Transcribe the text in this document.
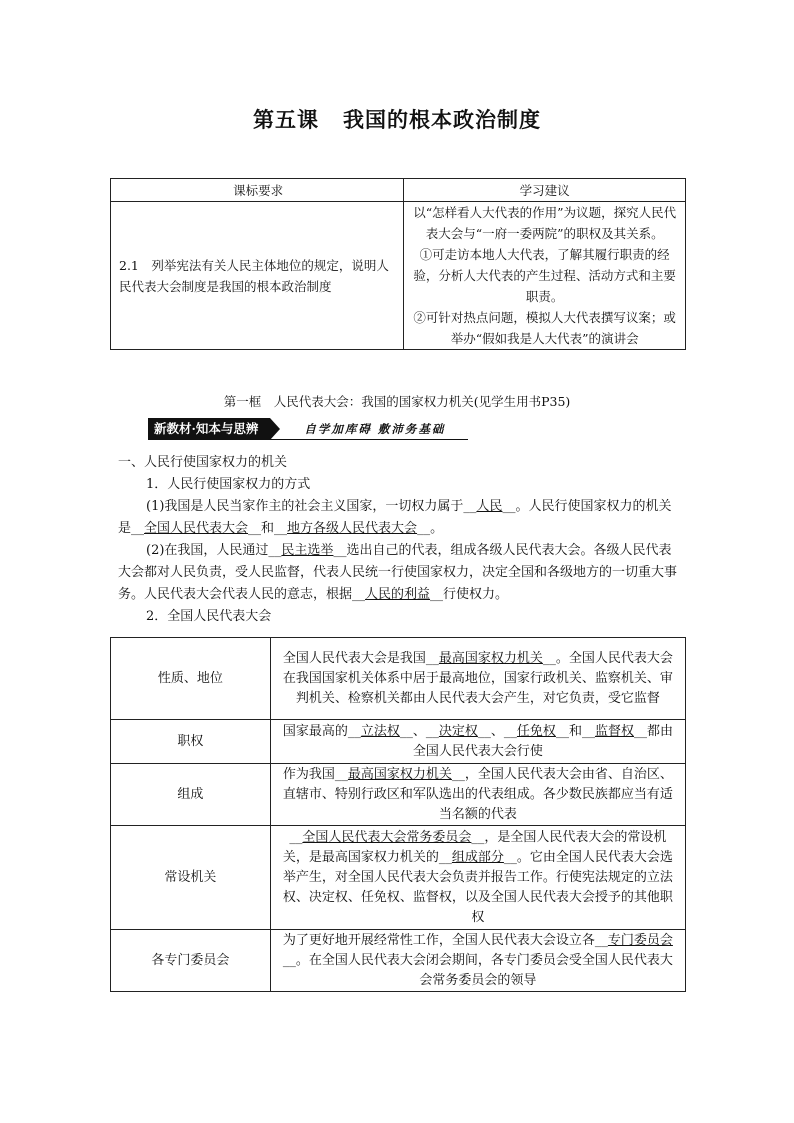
第五课 我国的根本政治制度
课标要求	学习建议
2.1　列举宪法有关人民主体地位的规定，说明人民代表大会制度是我国的根本政治制度	以“怎样看人大代表的作用”为议题，探究人民代表大会与“一府一委两院”的职权及其关系。

①可走访本地人大代表，了解其履行职责的经验，分析人大代表的产生过程、活动方式和主要职责。

②可针对热点问题，模拟人大代表撰写议案；或举办“假如我是人大代表”的演讲会

第一框　人民代表大会：我国的国家权力机关(见学生用书P35)
新教材·知本与思辨	自学加库碍 敷沛务基础

一、人民行使国家权力的机关

1．人民行使国家权力的方式

(1)我国是人民当家作主的社会主义国家，一切权力属于__人民__。人民行使国家权力的机关是__全国人民代表大会__和__地方各级人民代表大会__。

(2)在我国，人民通过__民主选举__选出自己的代表，组成各级人民代表大会。各级人民代表大会都对人民负责，受人民监督，代表人民统一行使国家权力，决定全国和各级地方的一切重大事务。人民代表大会代表人民的意志，根据__人民的利益__行使权力。

2．全国人民代表大会

性质、地位	全国人民代表大会是我国__最高国家权力机关__。全国人民代表大会在我国国家机关体系中居于最高地位，国家行政机关、监察机关、审判机关、检察机关都由人民代表大会产生，对它负责，受它监督
职权	国家最高的__立法权__、__决定权__、__任免权__和__监督权__都由全国人民代表大会行使
组成	作为我国__最高国家权力机关__，全国人民代表大会由省、自治区、直辖市、特别行政区和军队选出的代表组成。各少数民族都应当有适当名额的代表
常设机关	__全国人民代表大会常务委员会__，是全国人民代表大会的常设机关，是最高国家权力机关的__组成部分__。它由全国人民代表大会选举产生，对全国人民代表大会负责并报告工作。行使宪法规定的立法权、决定权、任免权、监督权，以及全国人民代表大会授予的其他职权
各专门委员会	为了更好地开展经常性工作，全国人民代表大会设立各__专门委员会__。在全国人民代表大会闭会期间，各专门委员会受全国人民代表大会常务委员会的领导
